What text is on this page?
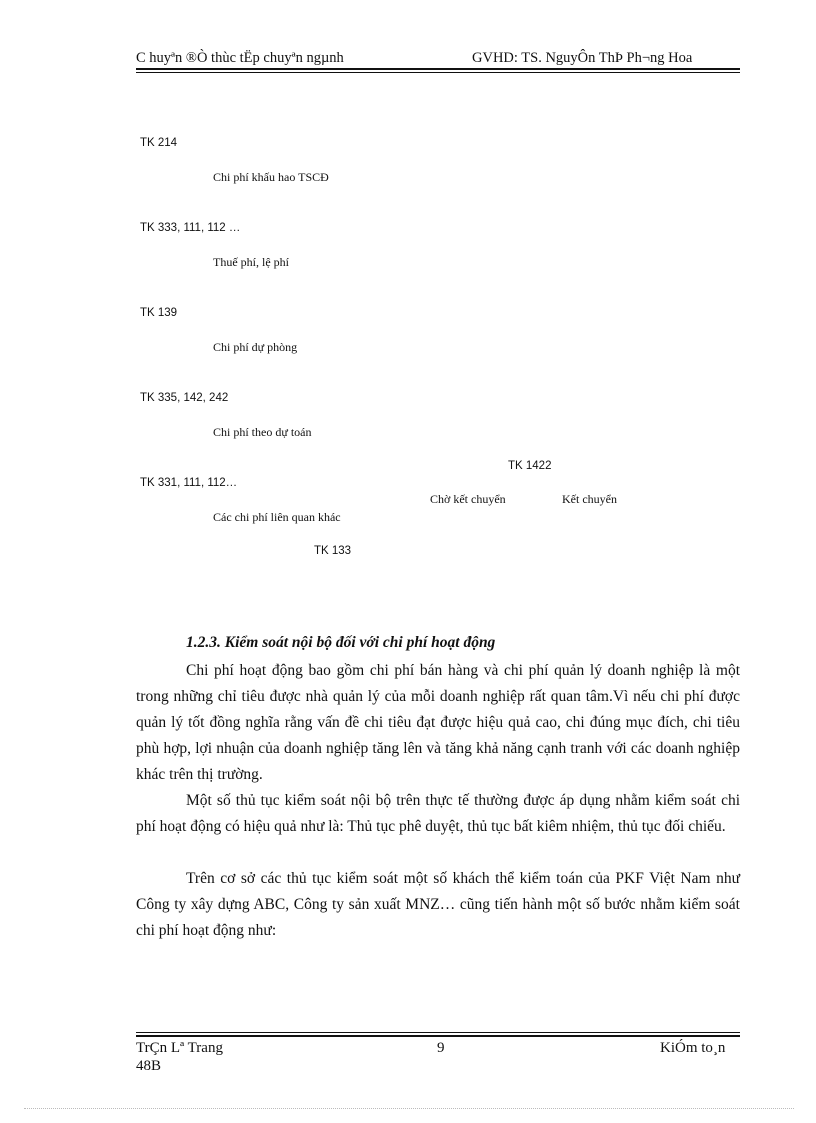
C huyªn ®Ò thùc tËp chuyªn ngµnh	GVHD: TS. NguyÔn ThÞ Ph¬ng Hoa
TK 214
Chi phí khấu hao TSCĐ
TK 333, 111, 112 …
Thuế phí, lệ phí
TK 139
Chi phí dự phòng
TK 335, 142, 242
Chi phí theo dự toán
TK 1422
TK 331, 111, 112…
Chờ kết chuyển	Kết chuyển
Các chi phí liên quan khác
TK 133
1.2.3. Kiểm soát nội bộ đối với chi phí hoạt động

Chi phí hoạt động bao gồm chi phí bán hàng và chi phí quản lý doanh nghiệp là một trong những chỉ tiêu được nhà quản lý của mỗi doanh nghiệp rất quan tâm.Vì nếu chi phí được quản lý tốt đồng nghĩa rằng vấn đề chi tiêu đạt được hiệu quả cao, chi đúng mục đích, chi tiêu phù hợp, lợi nhuận của doanh nghiệp tăng lên và tăng khả năng cạnh tranh với các doanh nghiệp khác trên thị trường.

Một số thủ tục kiểm soát nội bộ trên thực tế thường được áp dụng nhằm kiểm soát chi phí hoạt động có hiệu quả như là: Thủ tục phê duyệt, thủ tục bất kiêm nhiệm, thủ tục đối chiếu.

Trên cơ sở các thủ tục kiểm soát một số khách thể kiểm toán của PKF Việt Nam như Công ty xây dựng ABC, Công ty sản xuất MNZ… cũng tiến hành một số bước nhằm kiểm soát chi phí hoạt động như:

TrÇn Lª Trang
48B
9	KiÓm to¸n
